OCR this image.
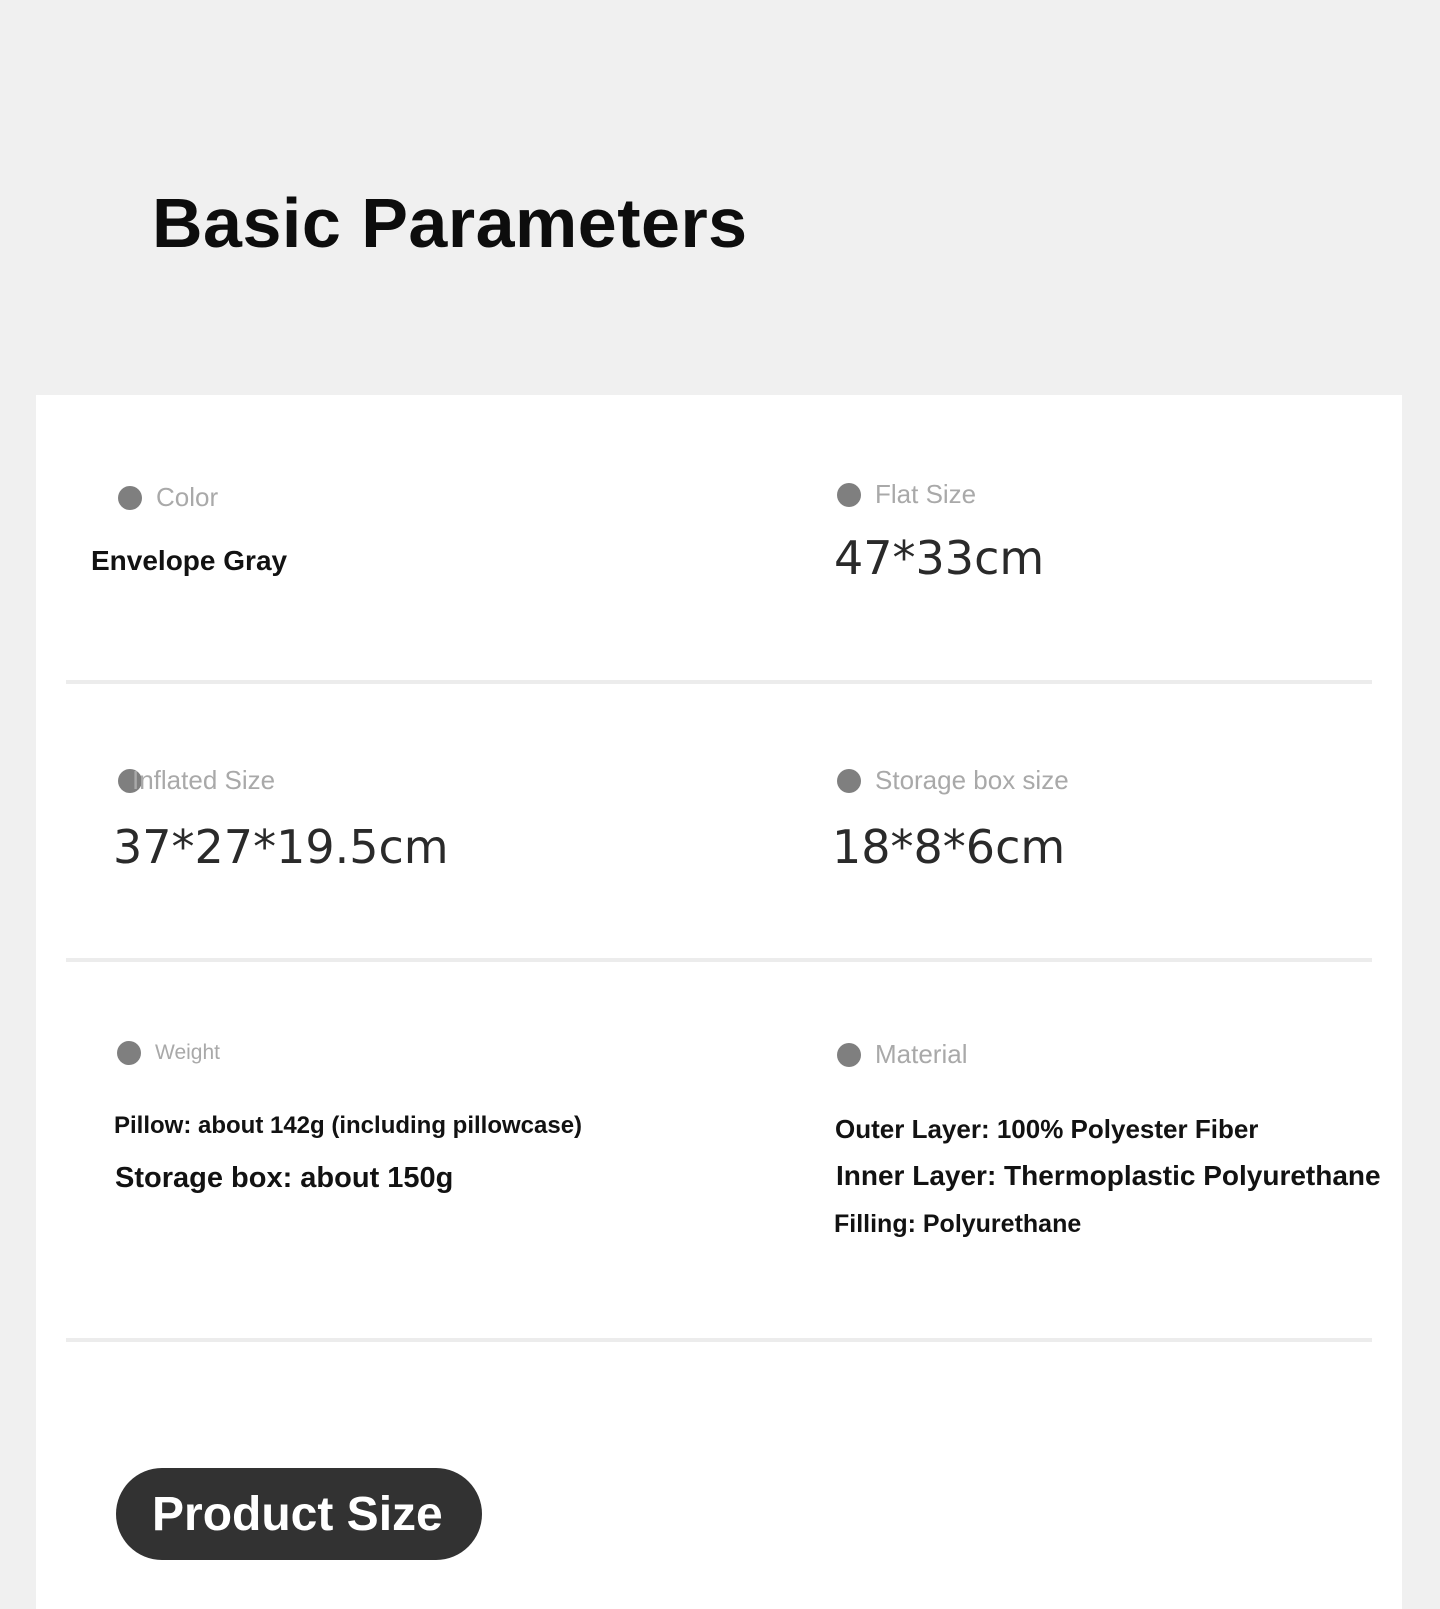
Basic Parameters
Color
Envelope Gray
Flat Size
47*33cm
Inflated Size
37*27*19.5cm
Storage box size
18*8*6cm
Weight
Pillow: about 142g (including pillowcase)
Storage box: about 150g
Material
Outer Layer: 100% Polyester Fiber
Inner Layer: Thermoplastic Polyurethane
Filling: Polyurethane
Product Size
